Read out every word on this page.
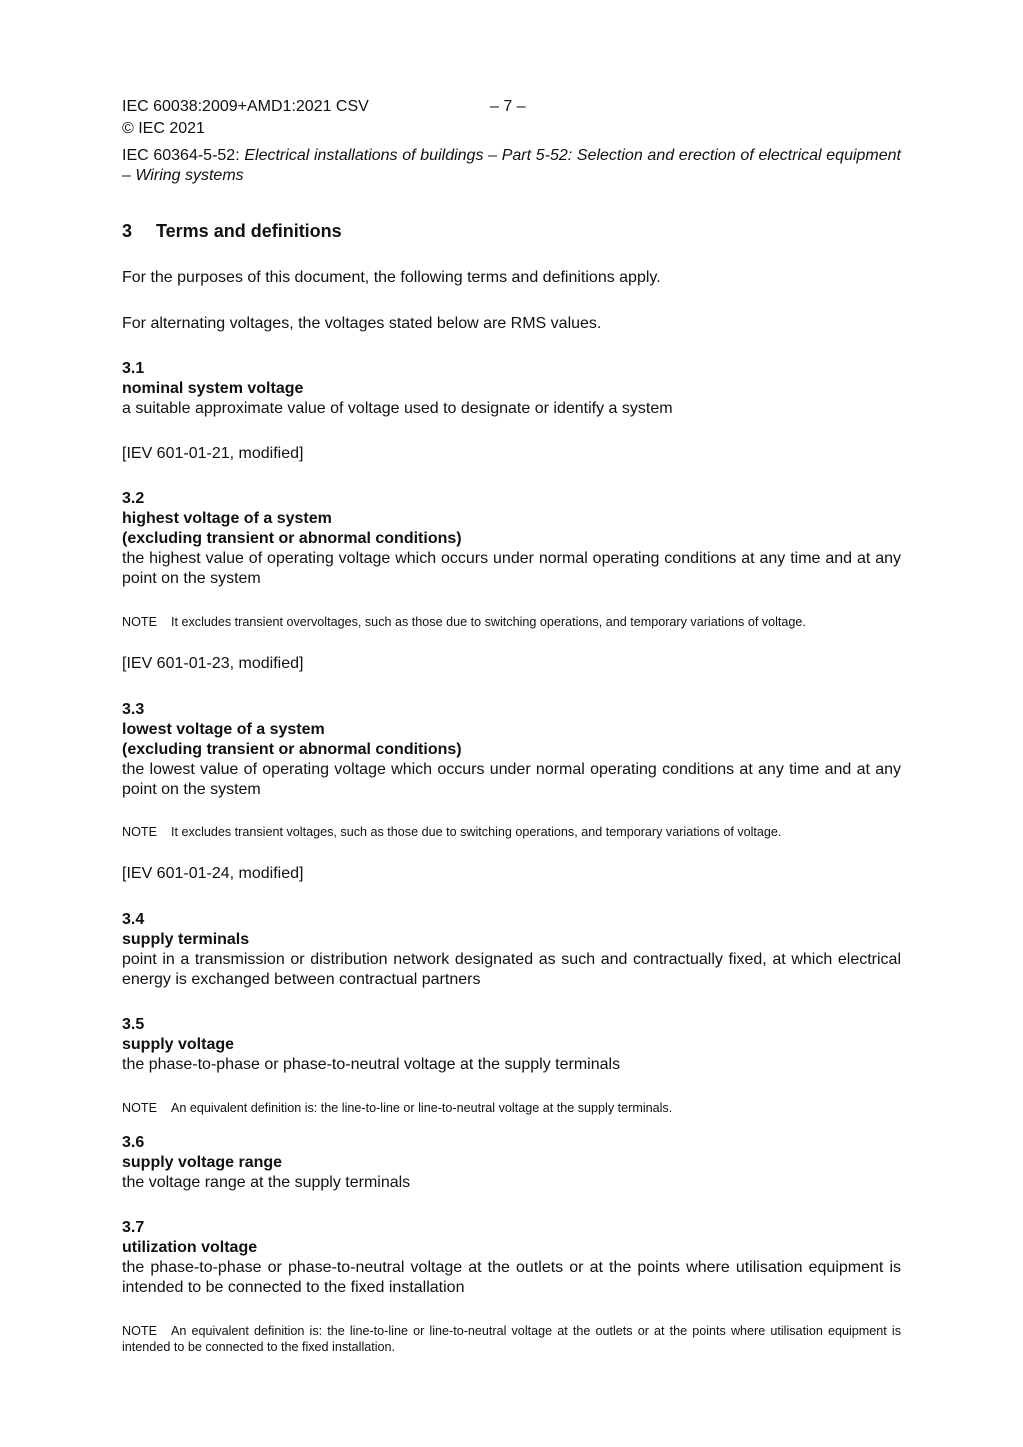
IEC 60038:2009+AMD1:2021 CSV	– 7 –
© IEC 2021
IEC 60364-5-52: Electrical installations of buildings – Part 5-52: Selection and erection of electrical equipment – Wiring systems
3 Terms and definitions
For the purposes of this document, the following terms and definitions apply.
For alternating voltages, the voltages stated below are RMS values.
3.1
nominal system voltage
a suitable approximate value of voltage used to designate or identify a system
[IEV 601-01-21, modified]
3.2
highest voltage of a system
(excluding transient or abnormal conditions)
the highest value of operating voltage which occurs under normal operating conditions at any time and at any point on the system
NOTE It excludes transient overvoltages, such as those due to switching operations, and temporary variations of voltage.
[IEV 601-01-23, modified]
3.3
lowest voltage of a system
(excluding transient or abnormal conditions)
the lowest value of operating voltage which occurs under normal operating conditions at any time and at any point on the system
NOTE It excludes transient voltages, such as those due to switching operations, and temporary variations of voltage.
[IEV 601-01-24, modified]
3.4
supply terminals
point in a transmission or distribution network designated as such and contractually fixed, at which electrical energy is exchanged between contractual partners
3.5
supply voltage
the phase-to-phase or phase-to-neutral voltage at the supply terminals
NOTE An equivalent definition is: the line-to-line or line-to-neutral voltage at the supply terminals.
3.6
supply voltage range
the voltage range at the supply terminals
3.7
utilization voltage
the phase-to-phase or phase-to-neutral voltage at the outlets or at the points where utilisation equipment is intended to be connected to the fixed installation
NOTE An equivalent definition is: the line-to-line or line-to-neutral voltage at the outlets or at the points where utilisation equipment is intended to be connected to the fixed installation.
